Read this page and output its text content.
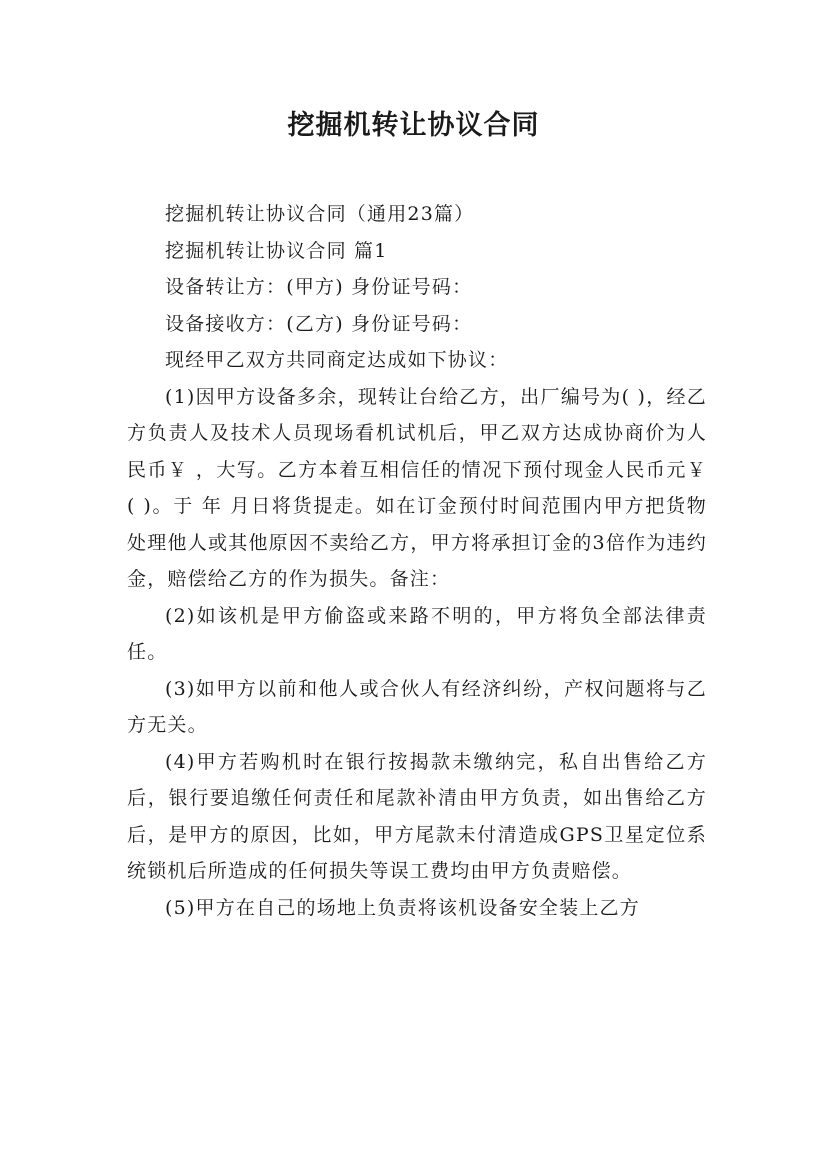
挖掘机转让协议合同

挖掘机转让协议合同（通用23篇）

挖掘机转让协议合同 篇1

设备转让方：(甲方) 身份证号码：

设备接收方：(乙方) 身份证号码：

现经甲乙双方共同商定达成如下协议：

(1)因甲方设备多余，现转让台给乙方，出厂编号为( )，经乙方负责人及技术人员现场看机试机后，甲乙双方达成协商价为人民币￥ ，大写。乙方本着互相信任的情况下预付现金人民币元￥( )。于 年 月日将货提走。如在订金预付时间范围内甲方把货物处理他人或其他原因不卖给乙方，甲方将承担订金的3倍作为违约金，赔偿给乙方的作为损失。备注：

(2)如该机是甲方偷盗或来路不明的，甲方将负全部法律责任。

(3)如甲方以前和他人或合伙人有经济纠纷，产权问题将与乙方无关。

(4)甲方若购机时在银行按揭款未缴纳完，私自出售给乙方后，银行要追缴任何责任和尾款补清由甲方负责，如出售给乙方后，是甲方的原因，比如，甲方尾款未付清造成GPS卫星定位系统锁机后所造成的任何损失等误工费均由甲方负责赔偿。

(5)甲方在自己的场地上负责将该机设备安全装上乙方
